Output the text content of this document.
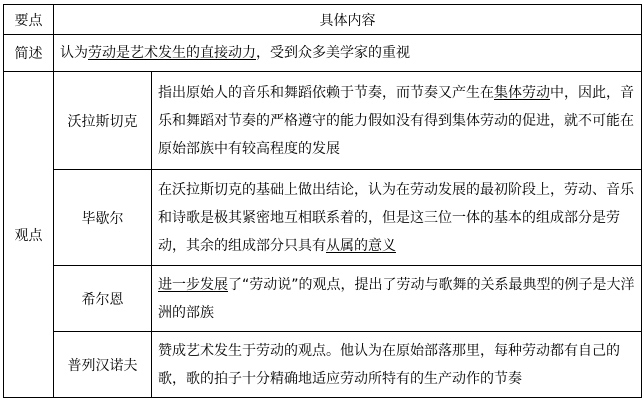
要点	具体内容	
简述	认为劳动是艺术发生的直接动力，受到众多美学家的重视	
观点	沃拉斯切克	指出原始人的音乐和舞蹈依赖于节奏，而节奏又产生在集体劳动中，因此，音乐和舞蹈对节奏的严格遵守的能力假如没有得到集体劳动的促进，就不可能在原始部族中有较高程度的发展
	毕歇尔	在沃拉斯切克的基础上做出结论，认为在劳动发展的最初阶段上，劳动、音乐和诗歌是极其紧密地互相联系着的，但是这三位一体的基本的组成部分是劳动，其余的组成部分只具有从属的意义
	希尔恩	进一步发展了“劳动说”的观点，提出了劳动与歌舞的关系最典型的例子是大洋洲的部族
	普列汉诺夫	赞成艺术发生于劳动的观点。他认为在原始部落那里，每种劳动都有自己的歌，歌的拍子十分精确地适应劳动所特有的生产动作的节奏
